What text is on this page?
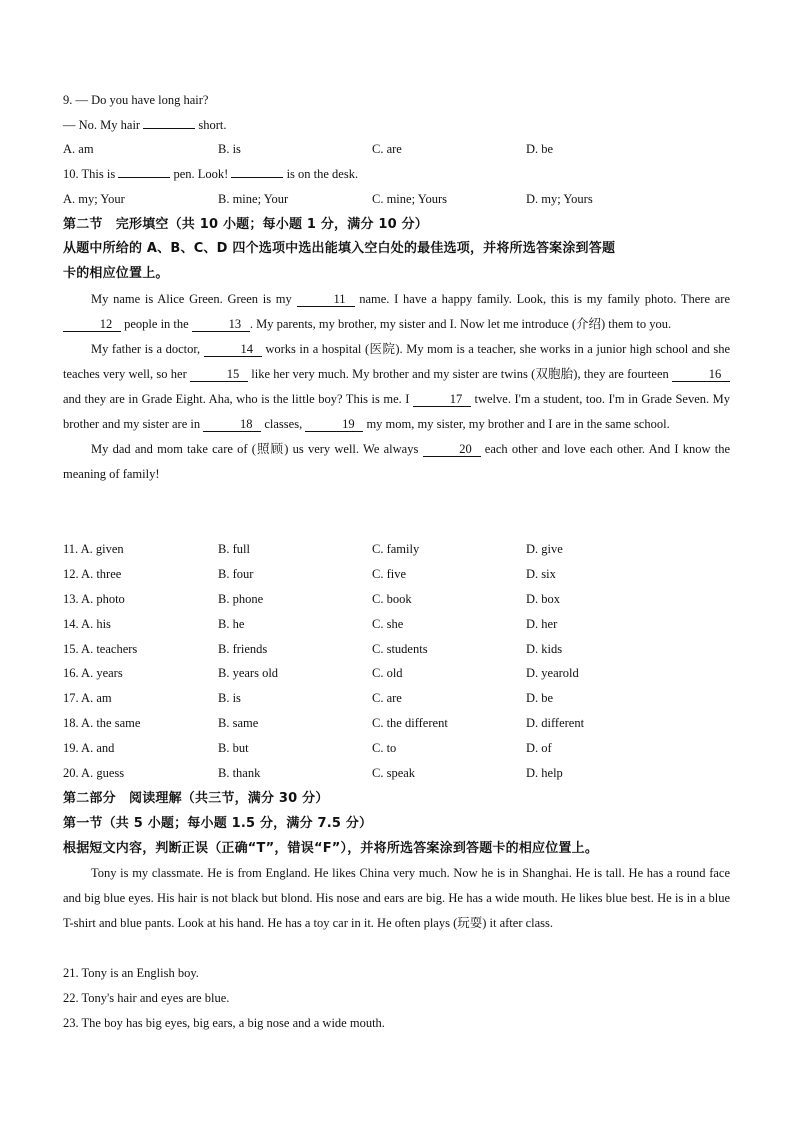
9. — Do you have long hair?
— No. My hair	short.
A. am	B. is	C. are	D. be
10. This is	pen. Look!	is on the desk.
A. my; Your	B. mine; Your	C. mine; Yours	D. my; Yours
第二节　完形填空（共 10 小题；每小题 1 分，满分 10 分）
从题中所给的 A、B、C、D 四个选项中选出能填入空白处的最佳选项，并将所选答案涂到答题
卡的相应位置上。

My name is Alice Green. Green is my	11 name. I have a happy family. Look, this is my family photo. There are 12 people in the	13 . My parents, my brother, my sister and I. Now let me introduce (介绍) them to you.

My father is a doctor,	14 works in a hospital (医院). My mom is a teacher, she works in a junior high school and she teaches very well, so her	15 like her very much. My brother and my sister are twins (双胞胎), they are fourteen	16 and they are in Grade Eight. Aha, who is the little boy? This is me. I	17 twelve. I'm a student, too. I'm in Grade Seven. My brother and my sister are in	18 classes,	19 my mom, my sister, my brother and I are in the same school.

My dad and mom take care of (照顾) us very well. We always	20 each other and love each other. And I know the meaning of family!

11. A. given	B. full	C. family	D. give
12. A. three	B. four	C. five	D. six
13. A. photo	B. phone	C. book	D. box
14. A. his	B. he	C. she	D. her
15. A. teachers	B. friends	C. students	D. kids
16. A. years	B. years old	C. old	D. yearold
17. A. am	B. is	C. are	D. be
18. A. the same	B. same	C. the different	D. different
19. A. and	B. but	C. to	D. of
20. A. guess	B. thank	C. speak	D. help
第二部分　阅读理解（共三节，满分 30 分）
第一节（共 5 小题；每小题 1.5 分，满分 7.5 分）
根据短文内容，判断正误（正确“T”，错误“F”），并将所选答案涂到答题卡的相应位置上。

Tony is my classmate. He is from England. He likes China very much. Now he is in Shanghai. He is tall. He has a round face and big blue eyes. His hair is not black but blond. His nose and ears are big. He has a wide mouth. He likes blue best. He is in a blue T-shirt and blue pants. Look at his hand. He has a toy car in it. He often plays (玩耍) it after class.

21. Tony is an English boy.
22. Tony's hair and eyes are blue.
23. The boy has big eyes, big ears, a big nose and a wide mouth.
